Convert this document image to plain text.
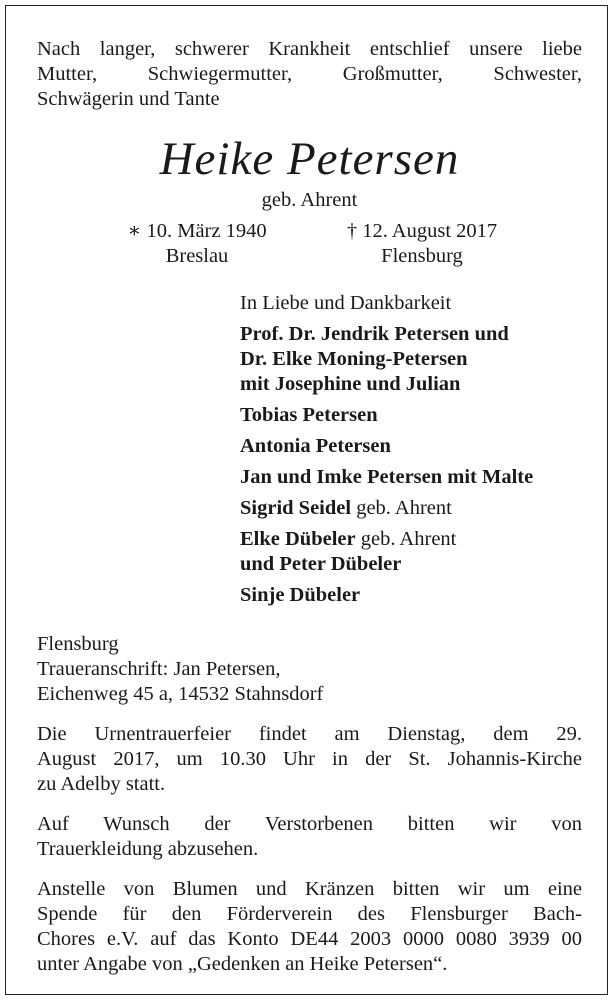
Nach langer, schwerer Krankheit entschlief unsere liebe
Mutter, Schwiegermutter, Großmutter, Schwester,
Schwägerin und Tante
Heike Petersen
geb. Ahrent
∗ 10. März 1940
Breslau
† 12. August 2017
Flensburg
In Liebe und Dankbarkeit
Prof. Dr. Jendrik Petersen und
Dr. Elke Moning-Petersen
mit Josephine und Julian
Tobias Petersen
Antonia Petersen
Jan und Imke Petersen mit Malte
Sigrid Seidel geb. Ahrent
Elke Dübeler geb. Ahrent
und Peter Dübeler
Sinje Dübeler
Flensburg
Traueranschrift: Jan Petersen,
Eichenweg 45 a, 14532 Stahnsdorf
Die Urnentrauerfeier findet am Dienstag, dem 29.
August 2017, um 10.30 Uhr in der St. Johannis-Kirche
zu Adelby statt.
Auf Wunsch der Verstorbenen bitten wir von
Trauerkleidung abzusehen.
Anstelle von Blumen und Kränzen bitten wir um eine
Spende für den Förderverein des Flensburger Bach-
Chores e.V. auf das Konto DE44 2003 0000 0080 3939 00
unter Angabe von „Gedenken an Heike Petersen“.
